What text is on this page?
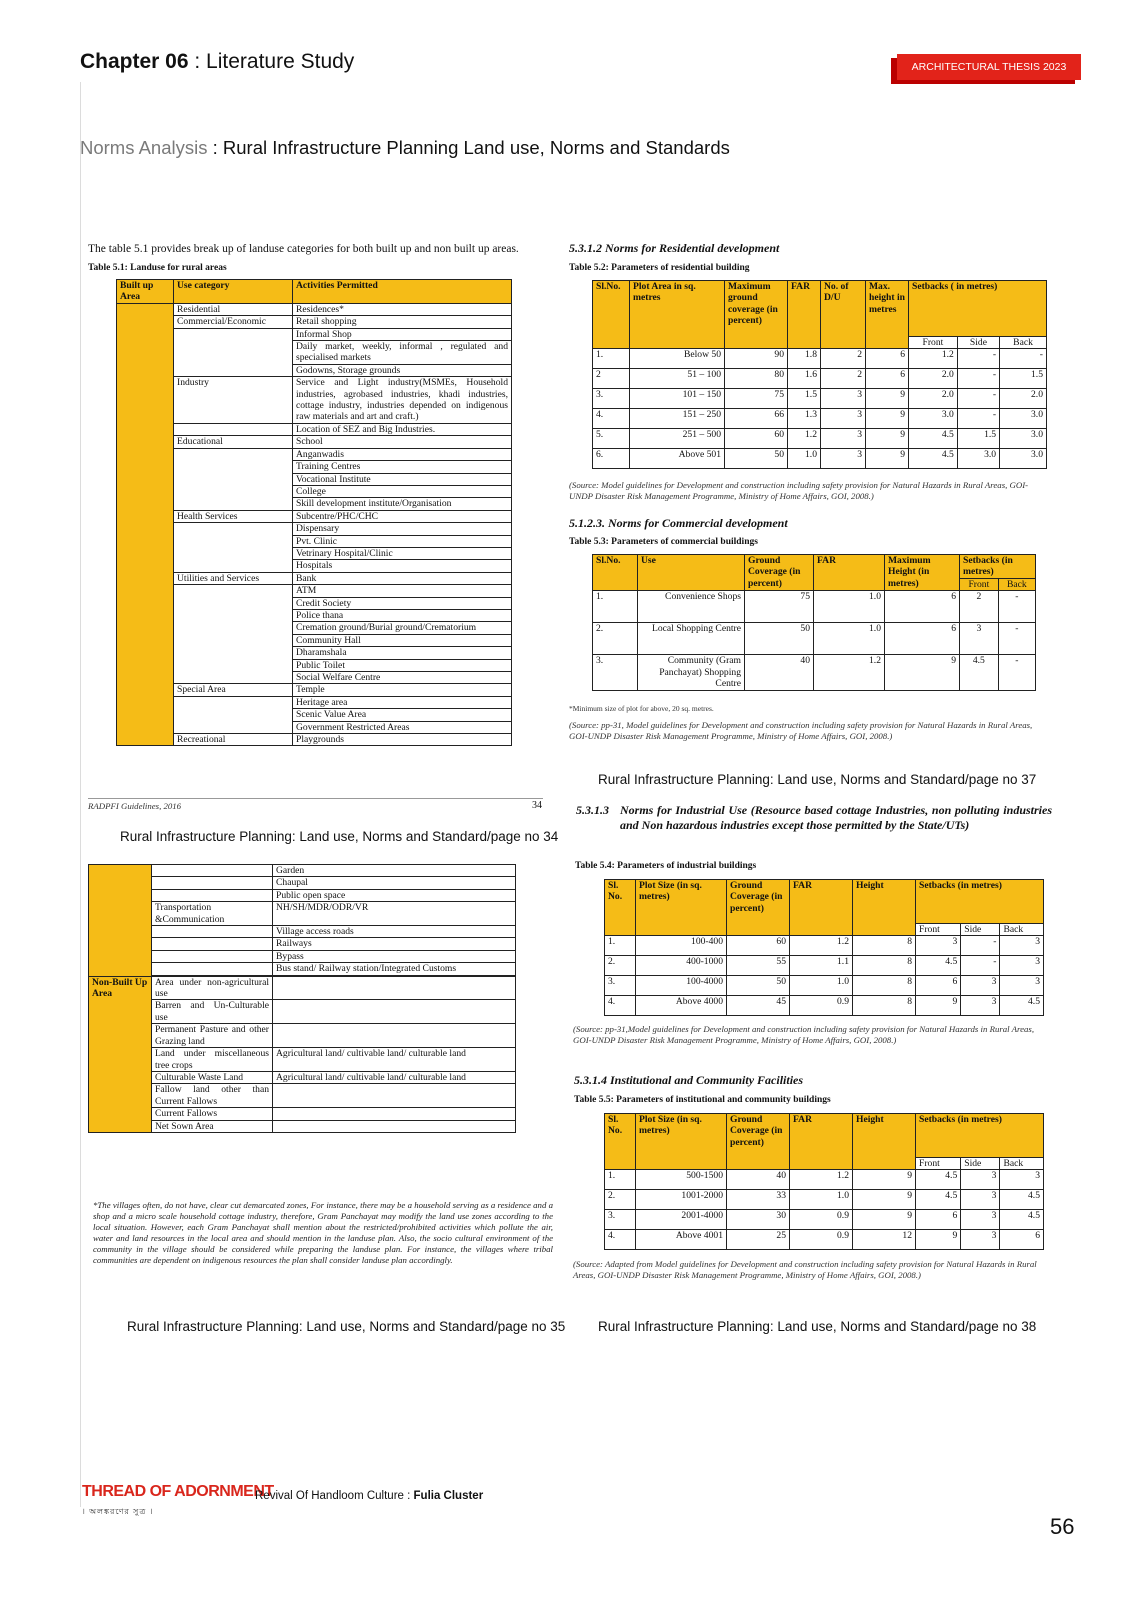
Chapter 06 : Literature Study	ARCHITECTURAL THESIS 2023
Norms Analysis : Rural Infrastructure Planning Land use, Norms and Standards
The table 5.1 provides break up of landuse categories for both built up and non built up areas.
Table 5.1: Landuse for rural areas
Built up Area	Use category	Activities Permitted
	Residential	Residences*
	Commercial/Economic	Retail shopping
		Informal Shop
		Daily market, weekly, informal , regulated and specialised markets
		Godowns, Storage grounds
	Industry	Service and Light industry(MSMEs, Household industries, agrobased industries, khadi industries, cottage industry, industries depended on indigenous raw materials and art and craft.)
		Location of SEZ and Big Industries.
	Educational	School
		Anganwadis
		Training Centres
		Vocational Institute
		College
		Skill development institute/Organisation
	Health Services	Subcentre/PHC/CHC
		Dispensary
		Pvt. Clinic
		Vetrinary Hospital/Clinic
		Hospitals
	Utilities and Services	Bank
		ATM
		Credit Society
		Police thana
		Cremation ground/Burial ground/Crematorium
		Community Hall
		Dharamshala
		Public Toilet
		Social Welfare Centre
	Special Area	Temple
		Heritage area
		Scenic Value Area
		Government Restricted Areas
	Recreational	Playgrounds
RADPFI Guidelines, 2016	34
Rural Infrastructure Planning: Land use, Norms and Standard/page no 34
		Garden
		Chaupal
		Public open space
	Transportation &Communication	NH/SH/MDR/ODR/VR
		Village access roads
		Railways
		Bypass
		Bus stand/ Railway station/Integrated Customs

Non-Built Up Area	Area under non-agricultural use	
	Barren and Un-Culturable use	
	Permanent Pasture and other Grazing land	
	Land under miscellaneous tree crops	Agricultural land/ cultivable land/ culturable land
	Culturable Waste Land	Agricultural land/ cultivable land/ culturable land
	Fallow land other than Current Fallows	
	Current Fallows	
	Net Sown Area	
*The villages often, do not have, clear cut demarcated zones, For instance, there may be a household serving as a residence and a shop and a micro scale household cottage industry, therefore, Gram Panchayat may modify the land use zones according to the local situation. However, each Gram Panchayat shall mention about the restricted/prohibited activities which pollute the air, water and land resources in the local area and should mention in the landuse plan. Also, the socio cultural environment of the community in the village should be considered while preparing the landuse plan. For instance, the villages where tribal communities are dependent on indigenous resources the plan shall consider landuse plan accordingly.
Rural Infrastructure Planning: Land use, Norms and Standard/page no 35
5.3.1.2 Norms for Residential development
Table 5.2: Parameters of residential building
Sl.No.	Plot Area in sq. metres	Maximum ground coverage (in percent)	FAR	No. of D/U	Max. height in metres	Setbacks ( in metres)		
						Front	Side	Back
1.	Below 50	90	1.8	2	6	1.2	-	-
2	51 – 100	80	1.6	2	6	2.0	-	1.5
3.	101 – 150	75	1.5	3	9	2.0	-	2.0
4.	151 – 250	66	1.3	3	9	3.0	-	3.0
5.	251 – 500	60	1.2	3	9	4.5	1.5	3.0
6.	Above 501	50	1.0	3	9	4.5	3.0	3.0
(Source: Model guidelines for Development and construction including safety provision for Natural Hazards in Rural Areas, GOI-UNDP Disaster Risk Management Programme, Ministry of Home Affairs, GOI, 2008.)
5.1.2.3. Norms for Commercial development
Table 5.3: Parameters of commercial buildings
Sl.No.	Use	Ground Coverage (in percent)	FAR	Maximum Height (in metres)	Setbacks (in metres)	
					Front	Back
1.	Convenience Shops	75	1.0	6	2	-
2.	Local Shopping Centre	50	1.0	6	3	-
3.	Community (Gram Panchayat) Shopping Centre	40	1.2	9	4.5	-
*Minimum size of plot for above, 20 sq. metres.
(Source: pp-31, Model guidelines for Development and construction including safety provision for Natural Hazards in Rural Areas, GOI-UNDP Disaster Risk Management Programme, Ministry of Home Affairs, GOI, 2008.)
Rural Infrastructure Planning: Land use, Norms and Standard/page no 37
5.3.1.3 Norms for Industrial Use (Resource based cottage Industries, non polluting industries and Non hazardous industries except those permitted by the State/UTs)
Table 5.4: Parameters of industrial buildings
Sl. No.	Plot Size (in sq. metres)	Ground Coverage (in percent)	FAR	Height	Setbacks (in metres)		
					Front	Side	Back
1.	100-400	60	1.2	8	3	-	3
2.	400-1000	55	1.1	8	4.5	-	3
3.	100-4000	50	1.0	8	6	3	3
4.	Above 4000	45	0.9	8	9	3	4.5
(Source: pp-31,Model guidelines for Development and construction including safety provision for Natural Hazards in Rural Areas, GOI-UNDP Disaster Risk Management Programme, Ministry of Home Affairs, GOI, 2008.)
5.3.1.4 Institutional and Community Facilities
Table 5.5: Parameters of institutional and community buildings
Sl. No.	Plot Size (in sq. metres)	Ground Coverage (in percent)	FAR	Height	Setbacks (in metres)		
					Front	Side	Back
1.	500-1500	40	1.2	9	4.5	3	3
2.	1001-2000	33	1.0	9	4.5	3	4.5
3.	2001-4000	30	0.9	9	6	3	4.5
4.	Above 4001	25	0.9	12	9	3	6
(Source: Adapted from Model guidelines for Development and construction including safety provision for Natural Hazards in Rural Areas, GOI-UNDP Disaster Risk Management Programme, Ministry of Home Affairs, GOI, 2008.)
Rural Infrastructure Planning: Land use, Norms and Standard/page no 38
THREAD OF ADORNMENT
। অলঙ্করণের সুত্র ।
Revival Of Handloom Culture : Fulia Cluster
56
